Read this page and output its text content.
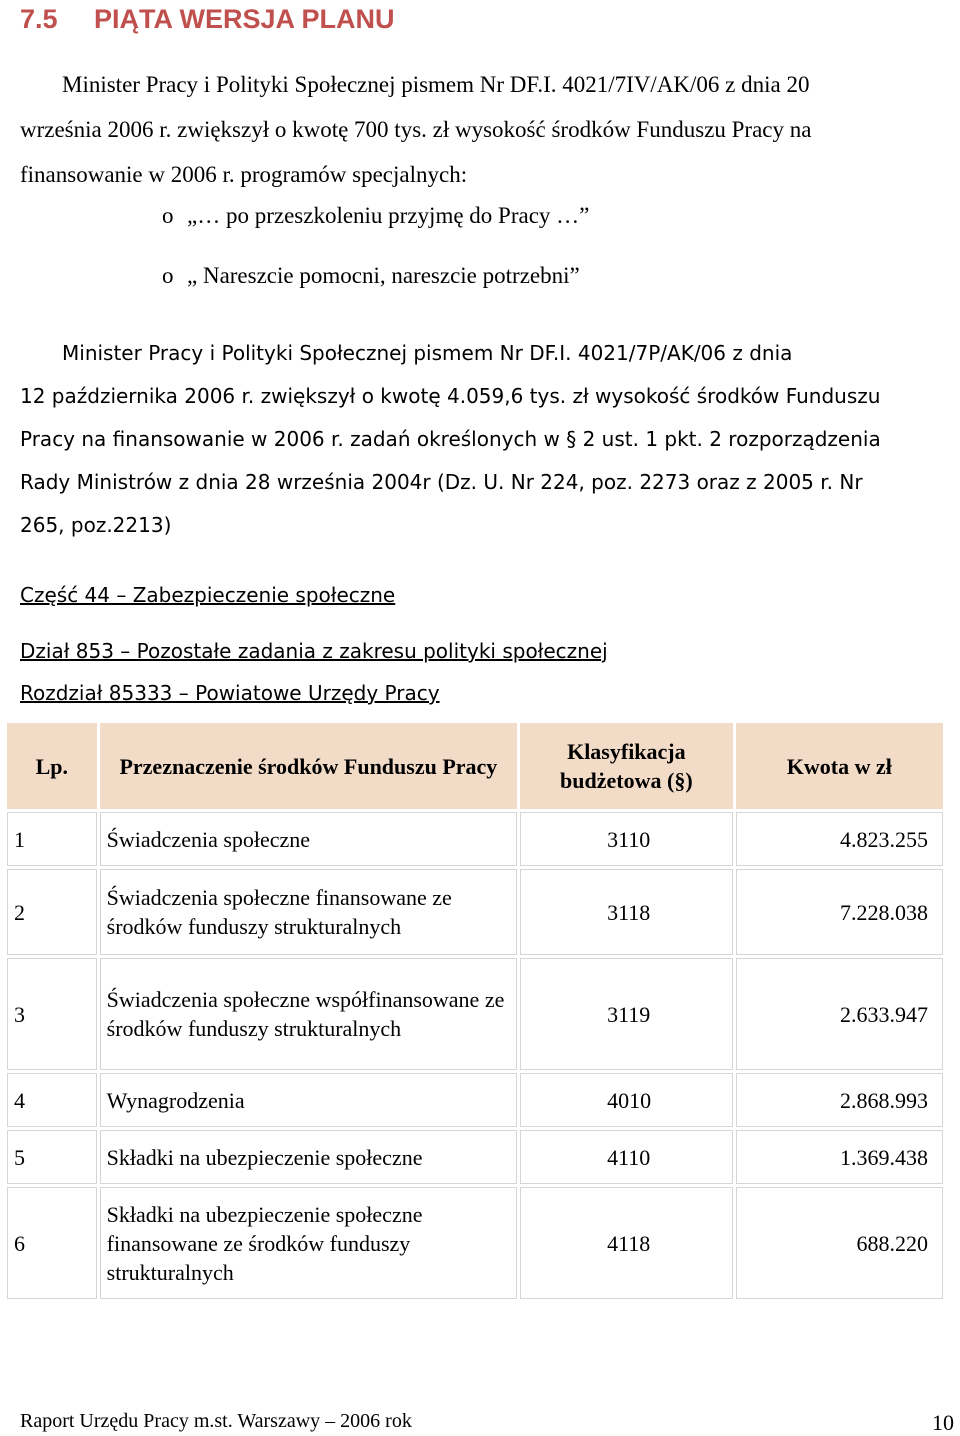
7.5 PIĄTA WERSJA PLANU
Minister Pracy i Polityki Społecznej pismem Nr DF.I. 4021/7IV/AK/06 z dnia 20
września 2006 r. zwiększył o kwotę 700 tys. zł wysokość środków Funduszu Pracy na
finansowanie w 2006 r. programów specjalnych:
o „… po przeszkoleniu przyjmę do Pracy …”
o „ Nareszcie pomocni, nareszcie potrzebni”
Minister Pracy i Polityki Społecznej pismem Nr DF.I. 4021/7P/AK/06 z dnia
12 października 2006 r. zwiększył o kwotę 4.059,6 tys. zł wysokość środków Funduszu
Pracy na finansowanie w 2006 r. zadań określonych w § 2 ust. 1 pkt. 2 rozporządzenia
Rady Ministrów z dnia 28 września 2004r (Dz. U. Nr 224, poz. 2273 oraz z 2005 r. Nr
265, poz.2213)
Część 44 – Zabezpieczenie społeczne
Dział 853 – Pozostałe zadania z zakresu polityki społecznej
Rozdział 85333 – Powiatowe Urzędy Pracy
Lp.	Przeznaczenie środków Funduszu Pracy	Klasyfikacja budżetowa (§)	Kwota w zł
1	Świadczenia społeczne	3110	4.823.255
2	Świadczenia społeczne finansowane ze środków funduszy strukturalnych	3118	7.228.038
3	Świadczenia społeczne współfinansowane ze środków funduszy strukturalnych	3119	2.633.947
4	Wynagrodzenia	4010	2.868.993
5	Składki na ubezpieczenie społeczne	4110	1.369.438
6	Składki na ubezpieczenie społeczne finansowane ze środków funduszy strukturalnych	4118	688.220
Raport Urzędu Pracy m.st. Warszawy – 2006 rok	10
